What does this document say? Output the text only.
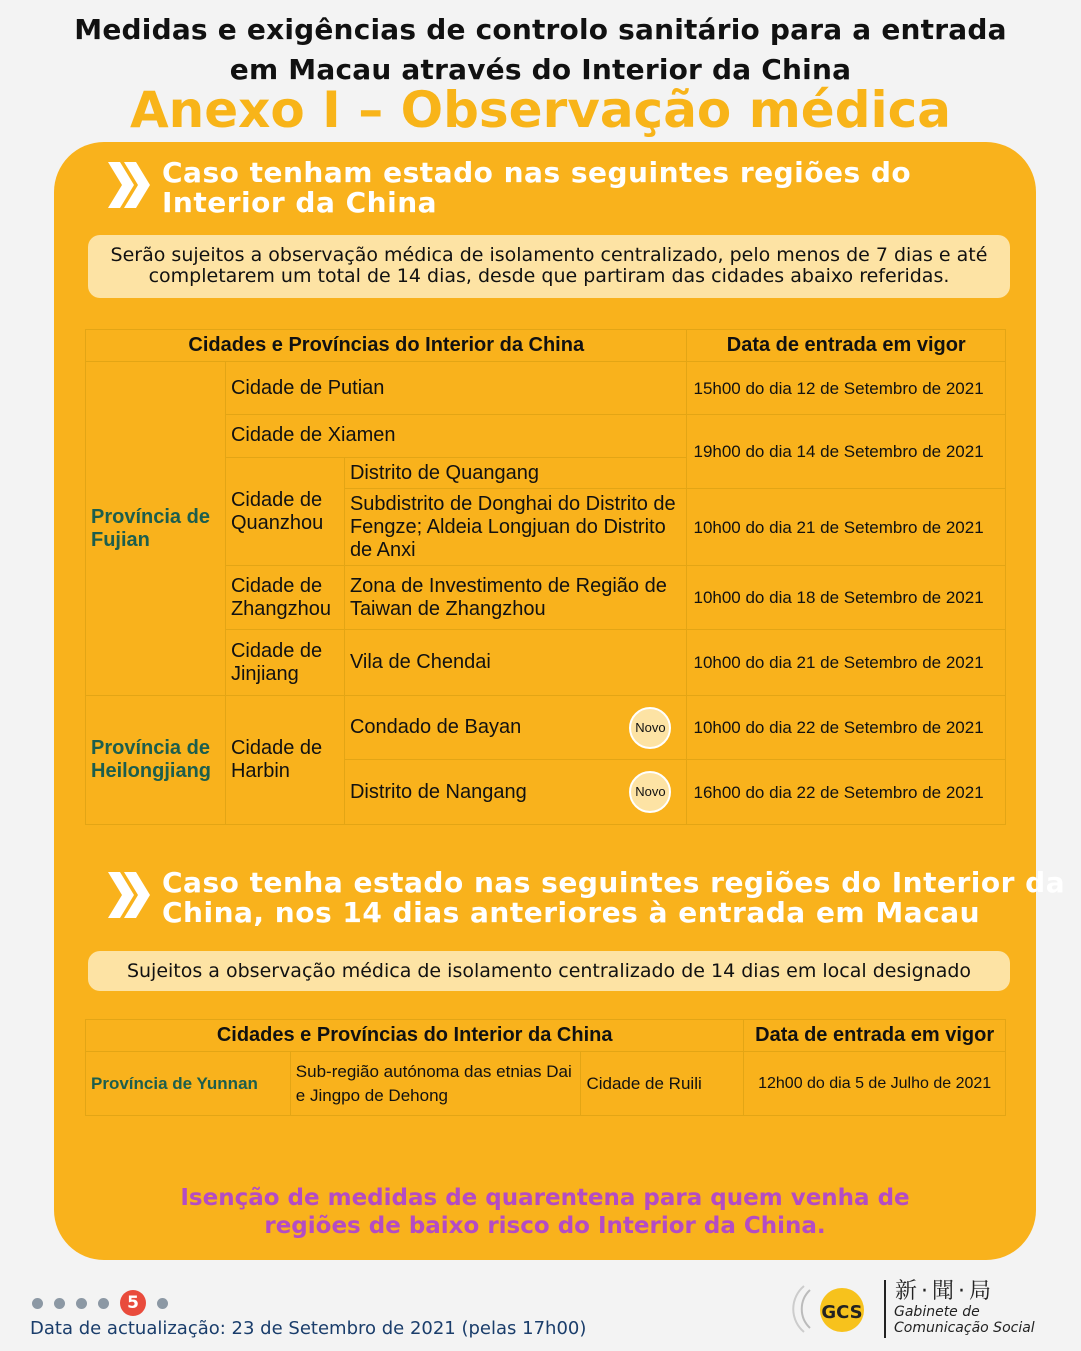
Medidas e exigências de controlo sanitário para a entrada
em Macau através do Interior da China
Anexo I – Observação médica
Caso tenham estado nas seguintes regiões do
Interior da China
Serão sujeitos a observação médica de isolamento centralizado, pelo menos de 7 dias e até
completarem um total de 14 dias, desde que partiram das cidades abaixo referidas.
Cidades e Províncias do Interior da China			Data de entrada em vigor
Província de Fujian	Cidade de Putian		15h00 do dia 12 de Setembro de 2021
	Cidade de Xiamen		19h00 do dia 14 de Setembro de 2021
	Cidade de Quanzhou	Distrito de Quangang	
		Subdistrito de Donghai do Distrito de Fengze; Aldeia Longjuan do Distrito de Anxi	10h00 do dia 21 de Setembro de 2021
	Cidade de Zhangzhou	Zona de Investimento de Região de Taiwan de Zhangzhou	10h00 do dia 18 de Setembro de 2021
	Cidade de Jinjiang	Vila de Chendai	10h00 do dia 21 de Setembro de 2021

Província de Heilongjiang	Cidade de Harbin	Condado de Bayan Novo	10h00 do dia 22 de Setembro de 2021

		Distrito de Nangang Novo	16h00 do dia 22 de Setembro de 2021
Caso tenha estado nas seguintes regiões do Interior da
China, nos 14 dias anteriores à entrada em Macau
Sujeitos a observação médica de isolamento centralizado de 14 dias em local designado
Cidades e Províncias do Interior da China			Data de entrada em vigor
Província de Yunnan	Sub-região autónoma das etnias Dai e Jingpo de Dehong	Cidade de Ruili	12h00 do dia 5 de Julho de 2021
Isenção de medidas de quarentena para quem venha de
regiões de baixo risco do Interior da China.
5
Data de actualização: 23 de Setembro de 2021 (pelas 17h00)
GCS
新·聞·局
Gabinete de
Comunicação Social
